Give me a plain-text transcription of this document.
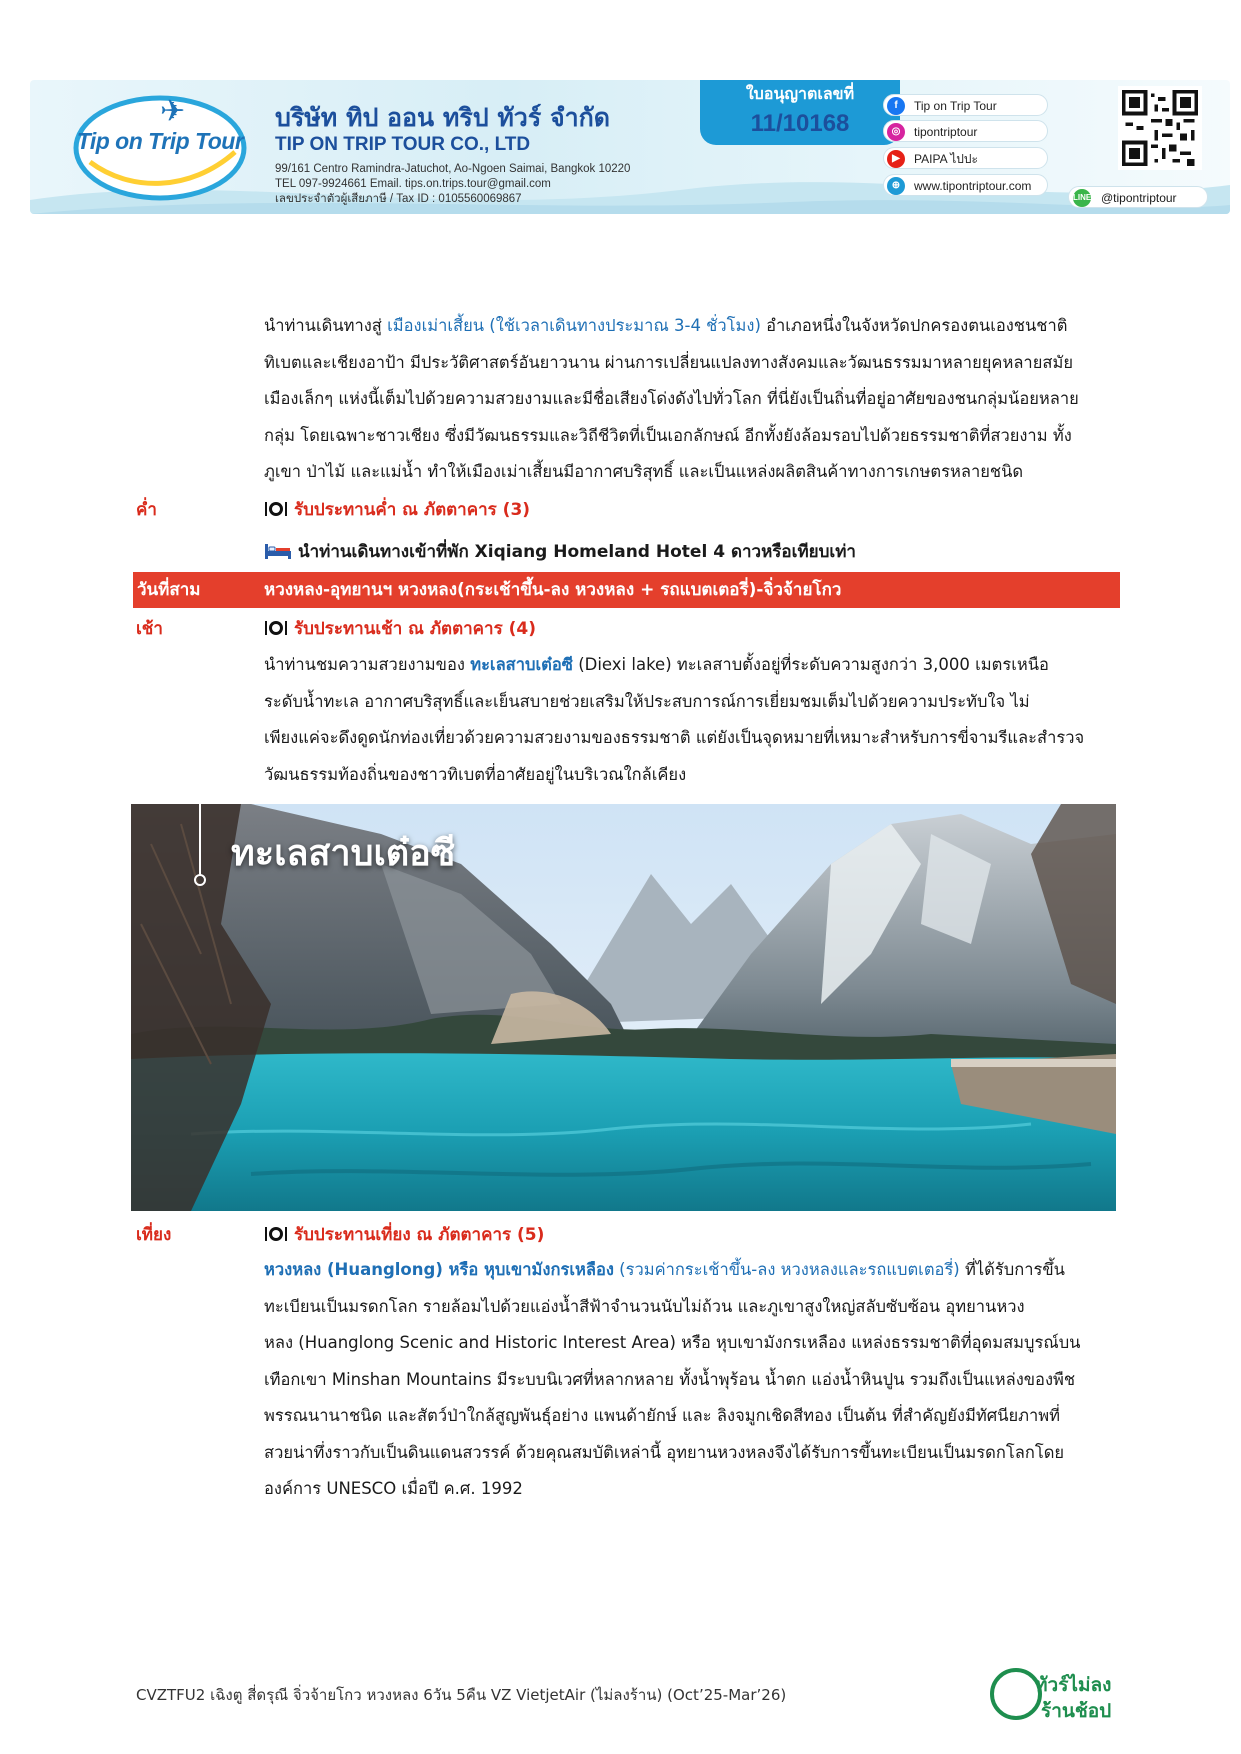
Tip on Trip Tour
✈	บริษัท ทิป ออน ทริป ทัวร์ จำกัด
TIP ON TRIP TOUR CO., LTD
99/161 Centro Ramindra-Jatuchot, Ao-Ngoen Saimai, Bangkok 10220
TEL 097-9924661 Email. tips.on.trips.tour@gmail.com
เลขประจำตัวผู้เสียภาษี / Tax ID : 0105560069867
ใบอนุญาตเลขที่
11/10168
f	Tip on Trip Tour
◎	tipontriptour
▶	PAIPA ไปปะ
⊕	www.tipontriptour.com
LINE @tipontriptour
นำท่านเดินทางสู่ เมืองเม่าเสี้ยน (ใช้เวลาเดินทางประมาณ 3-4 ชั่วโมง) อำเภอหนึ่งในจังหวัดปกครองตนเองชนชาติ
ทิเบตและเชียงอาป้า มีประวัติศาสตร์อันยาวนาน ผ่านการเปลี่ยนแปลงทางสังคมและวัฒนธรรมมาหลายยุคหลายสมัย
เมืองเล็กๆ แห่งนี้เต็มไปด้วยความสวยงามและมีชื่อเสียงโด่งดังไปทั่วโลก ที่นี่ยังเป็นถิ่นที่อยู่อาศัยของชนกลุ่มน้อยหลาย
กลุ่ม โดยเฉพาะชาวเชียง ซึ่งมีวัฒนธรรมและวิถีชีวิตที่เป็นเอกลักษณ์ อีกทั้งยังล้อมรอบไปด้วยธรรมชาติที่สวยงาม ทั้ง
ภูเขา ป่าไม้ และแม่น้ำ ทำให้เมืองเม่าเสี้ยนมีอากาศบริสุทธิ์ และเป็นแหล่งผลิตสินค้าทางการเกษตรหลายชนิด
ค่ำ	รับประทานค่ำ ณ ภัตตาคาร (3)
นำท่านเดินทางเข้าที่พัก Xiqiang Homeland Hotel 4 ดาวหรือเทียบเท่า
วันที่สาม	หวงหลง-อุทยานฯ หวงหลง(กระเช้าขึ้น-ลง หวงหลง + รถแบตเตอรี่)-จิ่วจ้ายโกว
เช้า	รับประทานเช้า ณ ภัตตาคาร (4)
นำท่านชมความสวยงามของ ทะเลสาบเต๋อซี (Diexi lake) ทะเลสาบตั้งอยู่ที่ระดับความสูงกว่า 3,000 เมตรเหนือ
ระดับน้ำทะเล อากาศบริสุทธิ์และเย็นสบายช่วยเสริมให้ประสบการณ์การเยี่ยมชมเต็มไปด้วยความประทับใจ ไม่
เพียงแค่จะดึงดูดนักท่องเที่ยวด้วยความสวยงามของธรรมชาติ แต่ยังเป็นจุดหมายที่เหมาะสำหรับการขี่จามรีและสำรวจ
วัฒนธรรมท้องถิ่นของชาวทิเบตที่อาศัยอยู่ในบริเวณใกล้เคียง
ทะเลสาบเต๋อซี
เที่ยง	รับประทานเที่ยง ณ ภัตตาคาร (5)
หวงหลง (Huanglong) หรือ หุบเขามังกรเหลือง (รวมค่ากระเช้าขึ้น-ลง หวงหลงและรถแบตเตอรี่) ที่ได้รับการขึ้น
ทะเบียนเป็นมรดกโลก รายล้อมไปด้วยแอ่งน้ำสีฟ้าจำนวนนับไม่ถ้วน และภูเขาสูงใหญ่สลับซับซ้อน อุทยานหวง
หลง (Huanglong Scenic and Historic Interest Area) หรือ หุบเขามังกรเหลือง แหล่งธรรมชาติที่อุดมสมบูรณ์บน
เทือกเขา Minshan Mountains มีระบบนิเวศที่หลากหลาย ทั้งน้ำพุร้อน น้ำตก แอ่งน้ำหินปูน รวมถึงเป็นแหล่งของพืช
พรรณนานาชนิด และสัตว์ป่าใกล้สูญพันธุ์อย่าง แพนด้ายักษ์ และ ลิงจมูกเชิดสีทอง เป็นต้น ที่สำคัญยังมีทัศนียภาพที่
สวยน่าทึ่งราวกับเป็นดินแดนสวรรค์ ด้วยคุณสมบัติเหล่านี้ อุทยานหวงหลงจึงได้รับการขึ้นทะเบียนเป็นมรดกโลกโดย
องค์การ UNESCO เมื่อปี ค.ศ. 1992
CVZTFU2 เฉิงตู สี่ดรุณี จิ่วจ้ายโกว หวงหลง 6วัน 5คืน VZ VietjetAir (ไม่ลงร้าน) (Oct’25-Mar’26)	ทัวร์ไม่ลง
ร้านช้อป
